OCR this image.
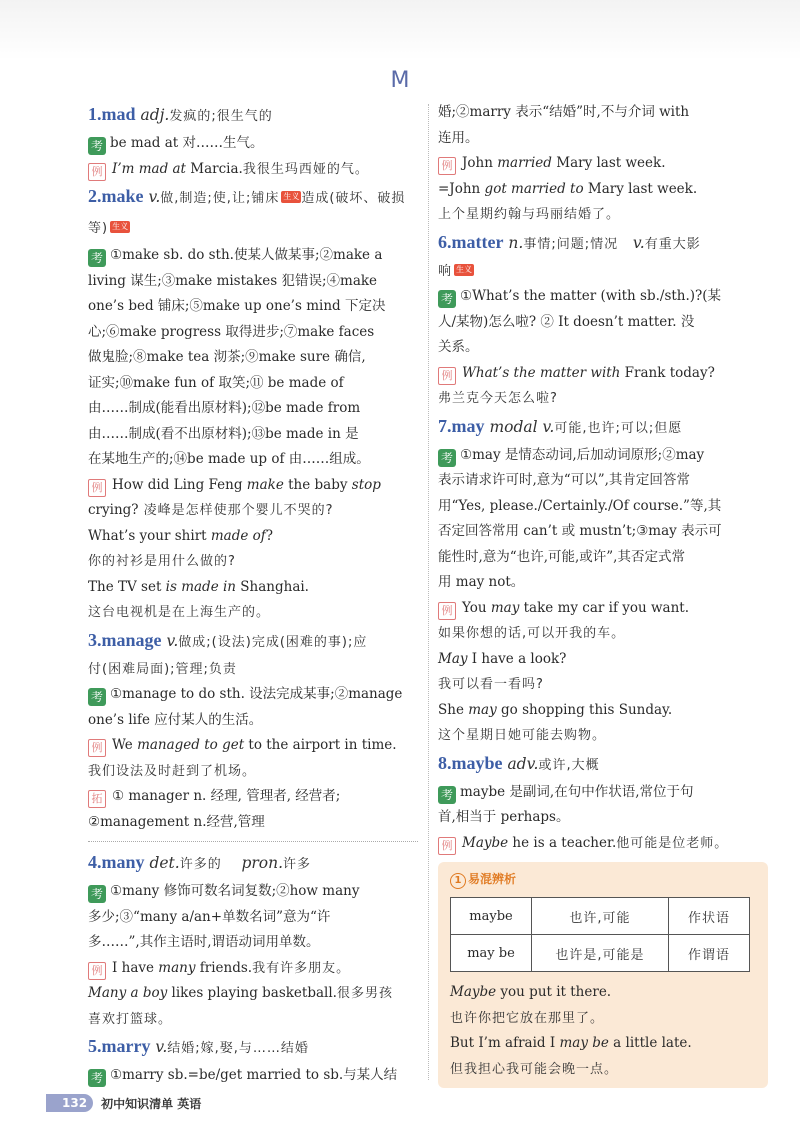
M

1.mad adj.发疯的;很生气的

考 be mad at 对……生气。

例 I’m mad at Marcia.我很生玛西娅的气。

2.make v.做,制造;使,让;铺床 生义 造成(破坏、破损等) 生义

考 ①make sb. do sth.使某人做某事;②make a

living 谋生;③make mistakes 犯错误;④make

one’s bed 铺床;⑤make up one’s mind 下定决

心;⑥make progress 取得进步;⑦make faces

做鬼脸;⑧make tea 沏茶;⑨make sure 确信,

证实;⑩make fun of 取笑;⑪ be made of

由……制成(能看出原材料);⑫be made from

由……制成(看不出原材料);⑬be made in 是

在某地生产的;⑭be made up of 由……组成。

例 How did Ling Feng make the baby stop

crying? 凌峰是怎样使那个婴儿不哭的?

What’s your shirt made of?

你的衬衫是用什么做的?

The TV set is made in Shanghai.

这台电视机是在上海生产的。

3.manage v.做成;(设法)完成(困难的事);应

付(困难局面);管理;负责

考 ①manage to do sth. 设法完成某事;②manage

one’s life 应付某人的生活。

例 We managed to get to the airport in time.

我们设法及时赶到了机场。

拓 ① manager n. 经理, 管理者, 经营者;

②management n.经营,管理

4.many det.许多的 pron.许多

考 ①many 修饰可数名词复数;②how many

多少;③“many a/an+单数名词”意为“许

多……”,其作主语时,谓语动词用单数。

例 I have many friends.我有许多朋友。

Many a boy likes playing basketball.很多男孩

喜欢打篮球。

5.marry v.结婚;嫁,娶,与……结婚

考 ①marry sb.=be/get married to sb.与某人结

婚;②marry 表示“结婚”时,不与介词 with

连用。

例 John married Mary last week.

=John got married to Mary last week.

上个星期约翰与玛丽结婚了。

6.matter n.事情;问题;情况 v.有重大影

响 生义

考 ①What’s the matter (with sb./sth.)?(某

人/某物)怎么啦? ② It doesn’t matter. 没

关系。

例 What’s the matter with Frank today?

弗兰克今天怎么啦?

7.may modal v.可能,也许;可以;但愿

考 ①may 是情态动词,后加动词原形;②may

表示请求许可时,意为“可以”,其肯定回答常

用“Yes, please./Certainly./Of course.”等,其

否定回答常用 can’t 或 mustn’t;③may 表示可

能性时,意为“也许,可能,或许”,其否定式常

用 may not。

例 You may take my car if you want.

如果你想的话,可以开我的车。

May I have a look?

我可以看一看吗?

She may go shopping this Sunday.

这个星期日她可能去购物。

8.maybe adv.或许,大概

考 maybe 是副词,在句中作状语,常位于句

首,相当于 perhaps。

例 Maybe he is a teacher.他可能是位老师。

1 易混辨析
maybe	也许,可能	作状语
may be	也许是,可能是	作谓语

Maybe you put it there.

也许你把它放在那里了。

But I’m afraid I may be a little late.

但我担心我可能会晚一点。

132	初中知识清单 英语
